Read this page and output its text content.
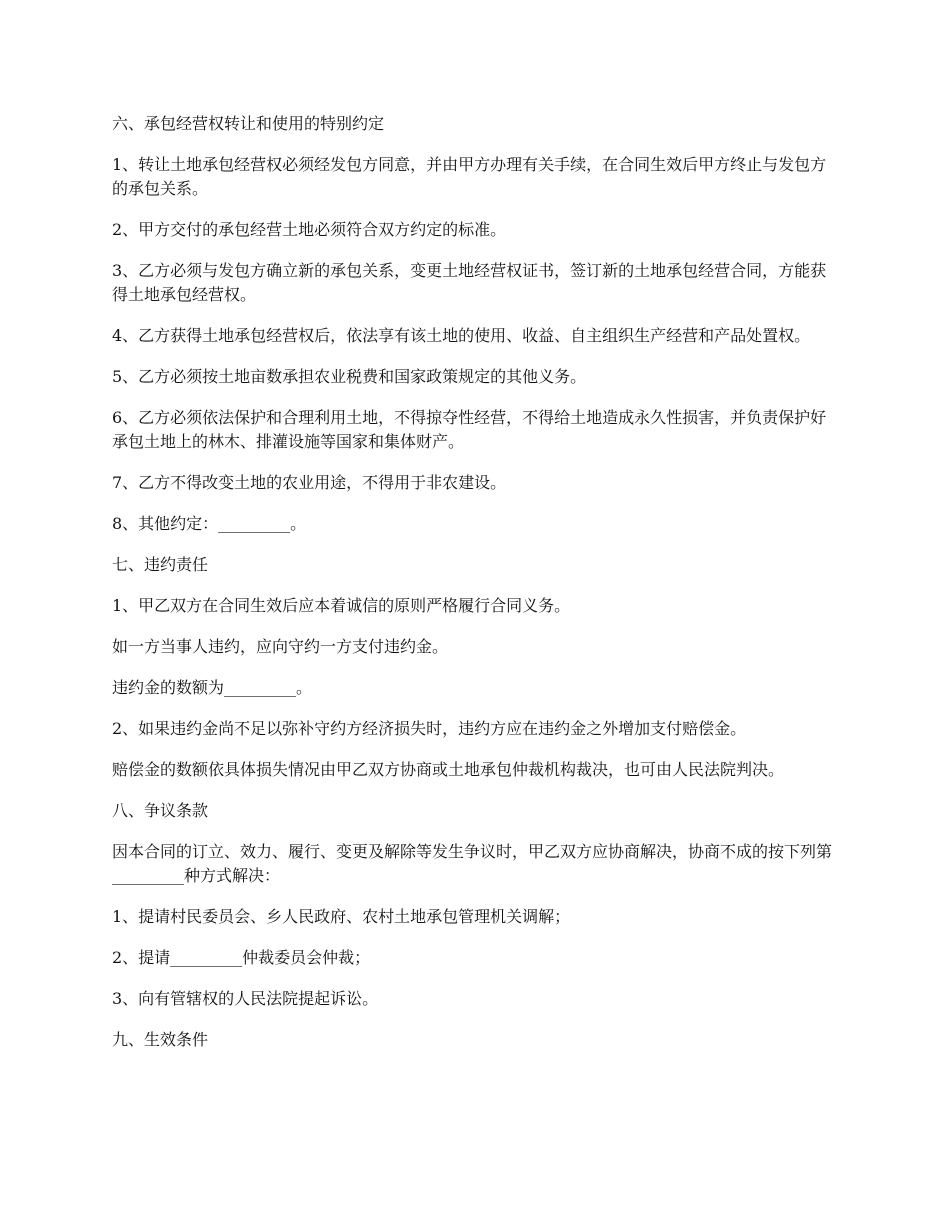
六、承包经营权转让和使用的特别约定

1、转让土地承包经营权必须经发包方同意，并由甲方办理有关手续，在合同生效后甲方终止与发包方的承包关系。

2、甲方交付的承包经营土地必须符合双方约定的标准。

3、乙方必须与发包方确立新的承包关系，变更土地经营权证书，签订新的土地承包经营合同，方能获得土地承包经营权。

4、乙方获得土地承包经营权后，依法享有该土地的使用、收益、自主组织生产经营和产品处置权。

5、乙方必须按土地亩数承担农业税费和国家政策规定的其他义务。

6、乙方必须依法保护和合理利用土地，不得掠夺性经营，不得给土地造成永久性损害，并负责保护好承包土地上的林木、排灌设施等国家和集体财产。

7、乙方不得改变土地的农业用途，不得用于非农建设。

8、其他约定：_________。

七、违约责任

1、甲乙双方在合同生效后应本着诚信的原则严格履行合同义务。

如一方当事人违约，应向守约一方支付违约金。

违约金的数额为_________。

2、如果违约金尚不足以弥补守约方经济损失时，违约方应在违约金之外增加支付赔偿金。

赔偿金的数额依具体损失情况由甲乙双方协商或土地承包仲裁机构裁决，也可由人民法院判决。

八、争议条款

因本合同的订立、效力、履行、变更及解除等发生争议时，甲乙双方应协商解决，协商不成的按下列第_________种方式解决：

1、提请村民委员会、乡人民政府、农村土地承包管理机关调解；

2、提请_________仲裁委员会仲裁；

3、向有管辖权的人民法院提起诉讼。

九、生效条件
